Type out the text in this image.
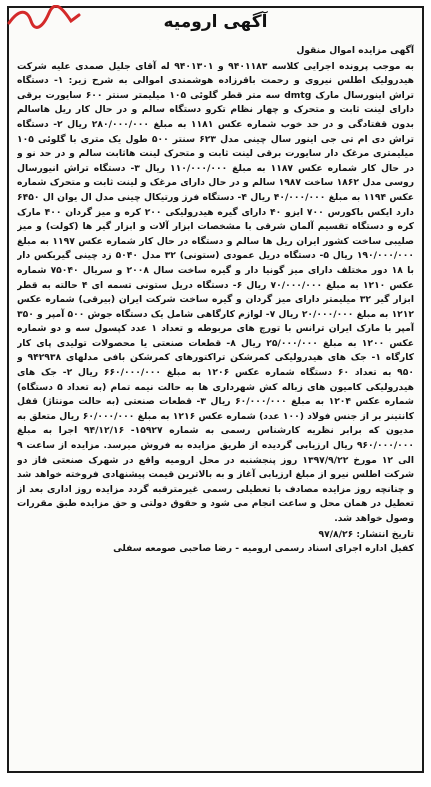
آگهی ارومیه

آگهی مزایده اموال منقول

به موجب پرونده اجرایی کلاسه ۹۴۰۱۱۸۳ و ۹۴۰۱۳۰۱ له آقای جلیل صمدی علیه شرکت هیدرولیک اطلس نیروی و رحمت باقرزاده هوشمندی اموالی به شرح زیر: ۱- دستگاه تراش اینورسال مارک dmtg سه متر قطر گلوئی ۱۰۵ میلیمتر سنتر ۶۰۰ سایورت برقی دارای لینت ثابت و متحرک و چهار نظام تکرو دستگاه سالم و در حال کار ریل هاسالم بدون قفتادگی و در حد خوب شماره عکس ۱۱۸۱ به مبلغ ۲۸۰/۰۰۰/۰۰۰ ریال ۲- دستگاه تراش دی ام تی جی اینور سال چینی مدل ۶۲۳ سنتر ۵۰۰ طول یک متری با گلوئی ۱۰۵ میلیمتری مرغک دار سایورت برقی لینت ثابت و متحرک لینت هاثابت سالم و در حد نو و در حال کار شماره عکس ۱۱۸۷ به مبلغ ۱۱۰/۰۰۰/۰۰۰ ریال ۳- دستگاه تراش انیورسال روسی مدل ۱۸۶۲ ساخت ۱۹۸۷ سالم و در حال دارای مرغک و لینت ثابت و متحرک شماره عکس ۱۱۹۴ به مبلغ ۴۰/۰۰۰/۰۰۰ ریال ۴- دستگاه فرز ورتیکال چینی مدل ال یوان ال ۶۴۵۰ دارد ایکس باکورس ۷۰۰ ایزو ۴۰ دارای گیره هیدرولیکی ۲۰۰ کره و میز گردان ۴۰۰ مارک کره و دستگاه تقسیم آلمان شرقی با مشخصات ابزار آلات و ابزار گیر ها (کولت) و میز صلیبی ساخت کشور ایران ریل ها سالم و دستگاه در حال کار شماره عکس ۱۱۹۷ به مبلغ ۱۹۰/۰۰۰/۰۰۰ ریال ۵- دستگاه دریل عمودی (ستونی) ۳۲ مدل ۵۰۴۰ زد چینی گیربکس دار با ۱۸ دور مختلف دارای میز گونیا دار و گیره ساخت سال ۲۰۰۸ و سریال ۷۵۰۴۰ شماره عکس ۱۲۱۰ به مبلغ ۷۰/۰۰۰/۰۰۰ ریال ۶- دستگاه دریل ستونی تسمه ای ۴ حالته به قطر ابزار گیر ۳۲ میلیمتر دارای میز گردان و گیره ساخت شرکت ایران (بیرقی) شماره عکس ۱۲۱۲ به مبلغ ۲۰/۰۰۰/۰۰۰ ریال ۷- لوازم کارگاهی شامل یک دستگاه جوش ۵۰۰ آمپر و ۳۵۰ آمپر با مارک ایران ترانس با تورچ های مربوطه و تعداد ۱ عدد کپسول سه و دو شماره عکس ۱۲۰۰ به مبلغ ۲۵/۰۰۰/۰۰۰ ریال ۸- قطعات صنعتی یا محصولات تولیدی پای کار کارگاه ۱- جک های هیدرولیکی کمرشکن تراکتورهای کمرشکن بافی مدلهای ۹۴۲۹۳۸ و ۹۵۰ به تعداد ۶۰ دستگاه شماره عکس ۱۲۰۶ به مبلغ ۶۶۰/۰۰۰/۰۰۰ ریال ۲- جک های هیدرولیکی کامیون های زباله کش شهرداری ها به حالت نیمه تمام (به تعداد ۵ دستگاه) شماره عکس ۱۲۰۴ به مبلغ ۶۰/۰۰۰/۰۰۰ ریال ۳- قطعات صنعتی (به حالت مونتاژ) قفل کانتینر بر از جنس فولاد (۱۰۰ عدد) شماره عکس ۱۲۱۶ به مبلغ ۶۰/۰۰۰/۰۰۰ ریال متعلق به مدیون که برابر نظریه کارشناس رسمی به شماره ۱۵۹۲۷- ۹۴/۱۲/۱۶ اجرا به مبلغ ۹۶۰/۰۰۰/۰۰۰ ریال ارزیابی گردیده از طریق مزایده به فروش میرسد. مزایده از ساعت ۹ الی ۱۲ مورخ ۱۳۹۷/۹/۲۲ روز پنجشنبه در محل ارومیه واقع در شهرک صنعتی فاز دو شرکت اطلس نیرو از مبلغ ارزیابی آغاز و به بالاترین قیمت پیشنهادی فروخته خواهد شد و چنانچه روز مزایده مصادف با تعطیلی رسمی غیرمترقبه گردد مزایده روز اداری بعد از تعطیل در همان محل و ساعت انجام می شود و حقوق دولتی و حق مزایده طبق مقررات وصول خواهد شد.

تاریخ انتشار: ۹۷/۸/۲۶

کفیل اداره اجرای اسناد رسمی ارومیه - رضا صاحبی صومعه سفلی
